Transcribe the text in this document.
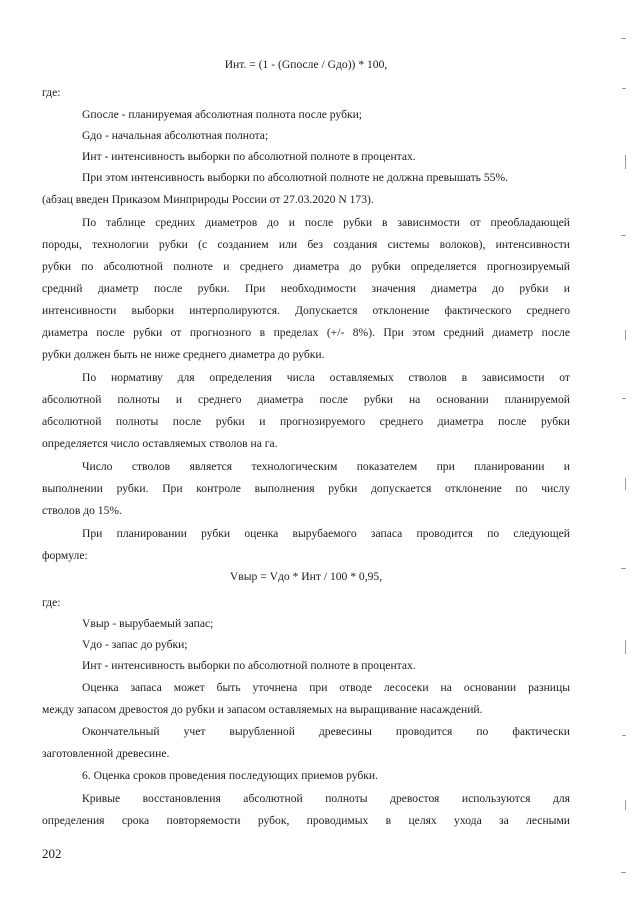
Инт. = (1 - (Gпосле / Gдо)) * 100,
где:
Gпосле - планируемая абсолютная полнота после рубки;
Gдо - начальная абсолютная полнота;
Инт - интенсивность выборки по абсолютной полноте в процентах.
При этом интенсивность выборки по абсолютной полноте не должна превышать 55%.
(абзац введен Приказом Минприроды России от 27.03.2020 N 173).
По таблице средних диаметров до и после рубки в зависимости от преобладающей
породы, технологии рубки (с созданием или без создания системы волоков), интенсивности
рубки по абсолютной полноте и среднего диаметра до рубки определяется прогнозируемый
средний диаметр после рубки. При необходимости значения диаметра до рубки и
интенсивности выборки интерполируются. Допускается отклонение фактического среднего
диаметра после рубки от прогнозного в пределах (+/- 8%). При этом средний диаметр после
рубки должен быть не ниже среднего диаметра до рубки.
По нормативу для определения числа оставляемых стволов в зависимости от
абсолютной полноты и среднего диаметра после рубки на основании планируемой
абсолютной полноты после рубки и прогнозируемого среднего диаметра после рубки
определяется число оставляемых стволов на га.
Число стволов является технологическим показателем при планировании и
выполнении рубки. При контроле выполнения рубки допускается отклонение по числу
стволов до 15%.
При планировании рубки оценка вырубаемого запаса проводится по следующей
формуле:
Vвыр = Vдо * Инт / 100 * 0,95,
где:
Vвыр - вырубаемый запас;
Vдо - запас до рубки;
Инт - интенсивность выборки по абсолютной полноте в процентах.
Оценка запаса может быть уточнена при отводе лесосеки на основании разницы
между запасом древостоя до рубки и запасом оставляемых на выращивание насаждений.
Окончательный учет вырубленной древесины проводится по фактически
заготовленной древесине.
6. Оценка сроков проведения последующих приемов рубки.
Кривые восстановления абсолютной полноты древостоя используются для
определения срока повторяемости рубок, проводимых в целях ухода за лесными
202
